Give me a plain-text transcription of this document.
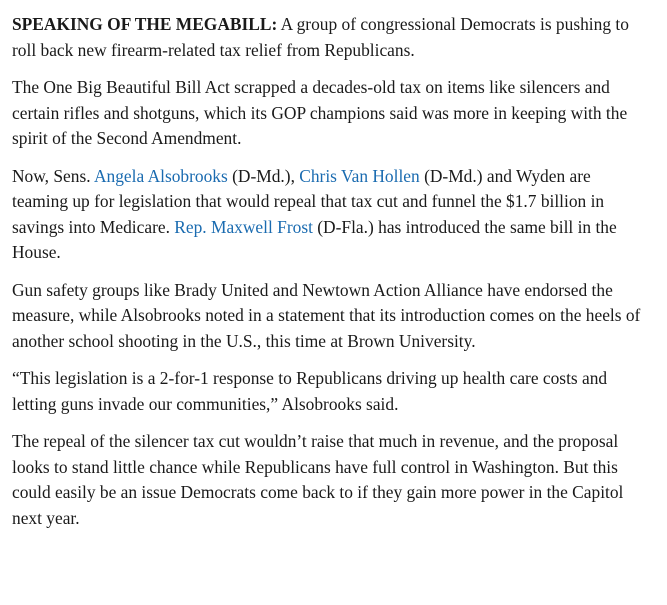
SPEAKING OF THE MEGABILL: A group of congressional Democrats is pushing to roll back new firearm-related tax relief from Republicans.

The One Big Beautiful Bill Act scrapped a decades-old tax on items like silencers and certain rifles and shotguns, which its GOP champions said was more in keeping with the spirit of the Second Amendment.

Now, Sens. Angela Alsobrooks (D-Md.), Chris Van Hollen (D-Md.) and Wyden are teaming up for legislation that would repeal that tax cut and funnel the $1.7 billion in savings into Medicare. Rep. Maxwell Frost (D-Fla.) has introduced the same bill in the House.

Gun safety groups like Brady United and Newtown Action Alliance have endorsed the measure, while Alsobrooks noted in a statement that its introduction comes on the heels of another school shooting in the U.S., this time at Brown University.

“This legislation is a 2-for-1 response to Republicans driving up health care costs and letting guns invade our communities,” Alsobrooks said.

The repeal of the silencer tax cut wouldn’t raise that much in revenue, and the proposal looks to stand little chance while Republicans have full control in Washington. But this could easily be an issue Democrats come back to if they gain more power in the Capitol next year.
